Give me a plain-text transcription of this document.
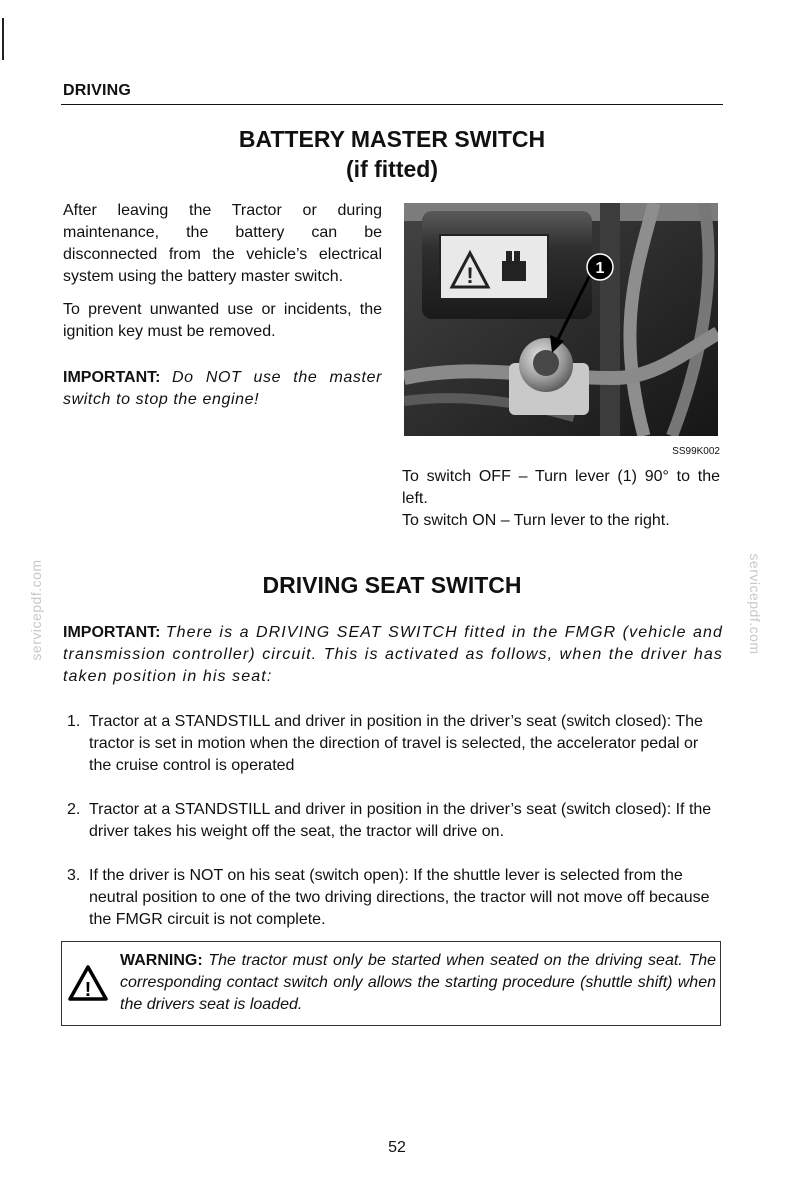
DRIVING
BATTERY MASTER SWITCH
(if fitted)

After leaving the Tractor or during maintenance, the battery can be disconnected from the vehicle’s electrical system using the battery master switch.

To prevent unwanted use or incidents, the ignition key must be removed.

IMPORTANT: Do NOT use the master switch to stop the engine!

!	1
SS99K002
To switch OFF – Turn lever (1) 90° to the left.
To switch ON – Turn lever to the right.
DRIVING SEAT SWITCH
IMPORTANT: There is a DRIVING SEAT SWITCH fitted in the FMGR (vehicle and transmission controller) circuit. This is activated as follows, when the driver has taken position in his seat:
1. Tractor at a STANDSTILL and driver in position in the driver’s seat (switch closed): The tractor is set in motion when the direction of travel is selected, the accelerator pedal or the cruise control is operated
2. Tractor at a STANDSTILL and driver in position in the driver’s seat (switch closed): If the driver takes his weight off the seat, the tractor will drive on.
3. If the driver is NOT on his seat (switch open): If the shuttle lever is selected from the neutral position to one of the two driving directions, the tractor will not move off because the FMGR circuit is not complete.
!
WARNING: The tractor must only be started when seated on the driving seat. The corresponding contact switch only allows the starting procedure (shuttle shift) when the drivers seat is loaded.
servicepdf.com	servicepdf.com
52
